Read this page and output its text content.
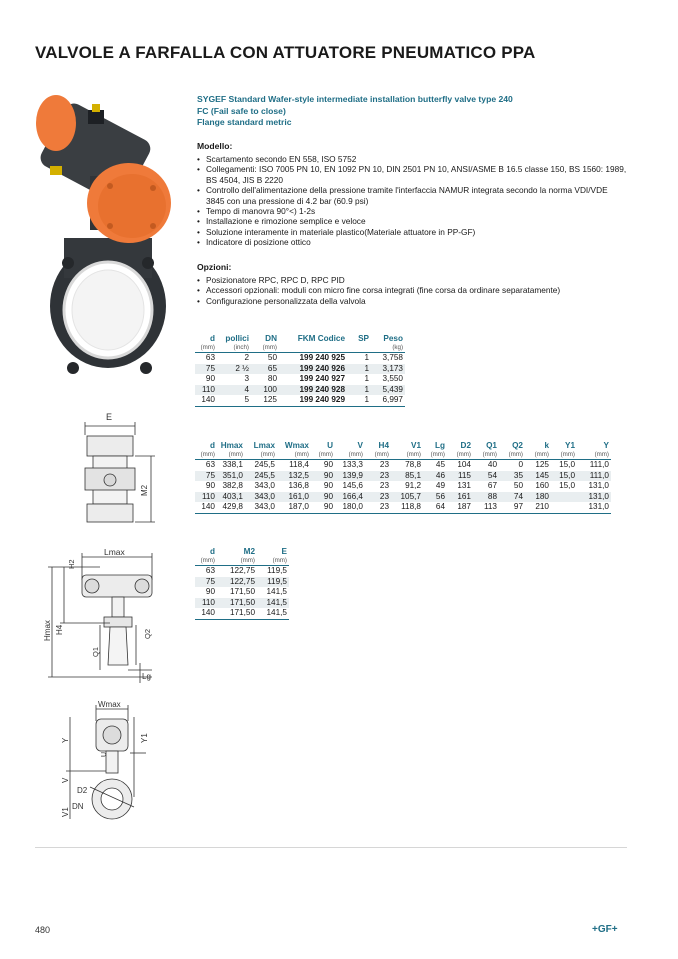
VALVOLE A FARFALLA CON ATTUATORE PNEUMATICO PPA
SYGEF Standard Wafer-style intermediate installation butterfly valve type 240
FC (Fail safe to close)
Flange standard metric
Modello:
• Scartamento secondo EN 558, ISO 5752
• Collegamenti: ISO 7005 PN 10, EN 1092 PN 10, DIN 2501 PN 10, ANSI/ASME B 16.5 classe 150, BS 1560: 1989, BS 4504, JIS B 2220
• Controllo dell'alimentazione della pressione tramite l'interfaccia NAMUR integrata secondo la norma VDI/VDE 3845 con una pressione di 4.2 bar (60.9 psi)
• Tempo di manovra 90°<) 1-2s
• Installazione e rimozione semplice e veloce
• Soluzione interamente in materiale plastico(Materiale attuatore in PP-GF)
• Indicatore di posizione ottico
Opzioni:
• Posizionatore RPC, RPC D, RPC PID
• Accessori opzionali: moduli con micro fine corsa integrati (fine corsa da ordinare separatamente)
• Configurazione personalizzata della valvola
d	pollici	DN	FKM Codice	SP	Peso
(mm)	(inch)	(mm)			(kg)
63	2	50	199 240 925	1	3,758
75	2 ½	65	199 240 926	1	3,173
90	3	80	199 240 927	1	3,550
110	4	100	199 240 928	1	5,439
140	5	125	199 240 929	1	6,997
d	Hmax	Lmax	Wmax	U	V	H4	V1	Lg	D2	Q1	Q2	k	Y1	Y
(mm)	(mm)	(mm)	(mm)	(mm)	(mm)	(mm)	(mm)	(mm)	(mm)	(mm)	(mm)	(mm)	(mm)	(mm)
63	338,1	245,5	118,4	90	133,3	23	78,8	45	104	40	0	125	15,0	111,0
75	351,0	245,5	132,5	90	139,9	23	85,1	46	115	54	35	145	15,0	111,0
90	382,8	343,0	136,8	90	145,6	23	91,2	49	131	67	50	160	15,0	131,0
110	403,1	343,0	161,0	90	166,4	23	105,7	56	161	88	74	180		131,0
140	429,8	343,0	187,0	90	180,0	23	118,8	64	187	113	97	210		131,0
d	M2	E
(mm)	(mm)	(mm)
63	122,75	119,5
75	122,75	119,5
90	171,50	141,5
110	171,50	141,5
140	171,50	141,5
E
M2
Lmax
H2
Hmax H4
Q1
Q2
Lg
Wmax
Y	Y1
U
V
V1
D2
DN
480	+GF+
